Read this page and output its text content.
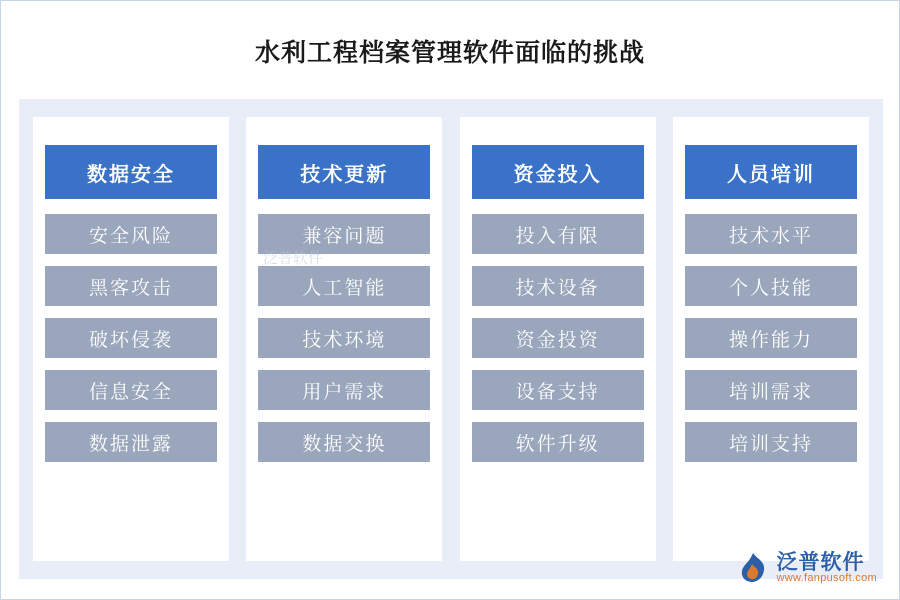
水利工程档案管理软件面临的挑战
数据安全
安全风险
黑客攻击
破坏侵袭
信息安全
数据泄露
技术更新
兼容问题
人工智能
技术环境
用户需求
数据交换
资金投入
投入有限
技术设备
资金投资
设备支持
软件升级
人员培训
技术水平
个人技能
操作能力
培训需求
培训支持
泛普软件
泛普软件
www.fanpusoft.com
